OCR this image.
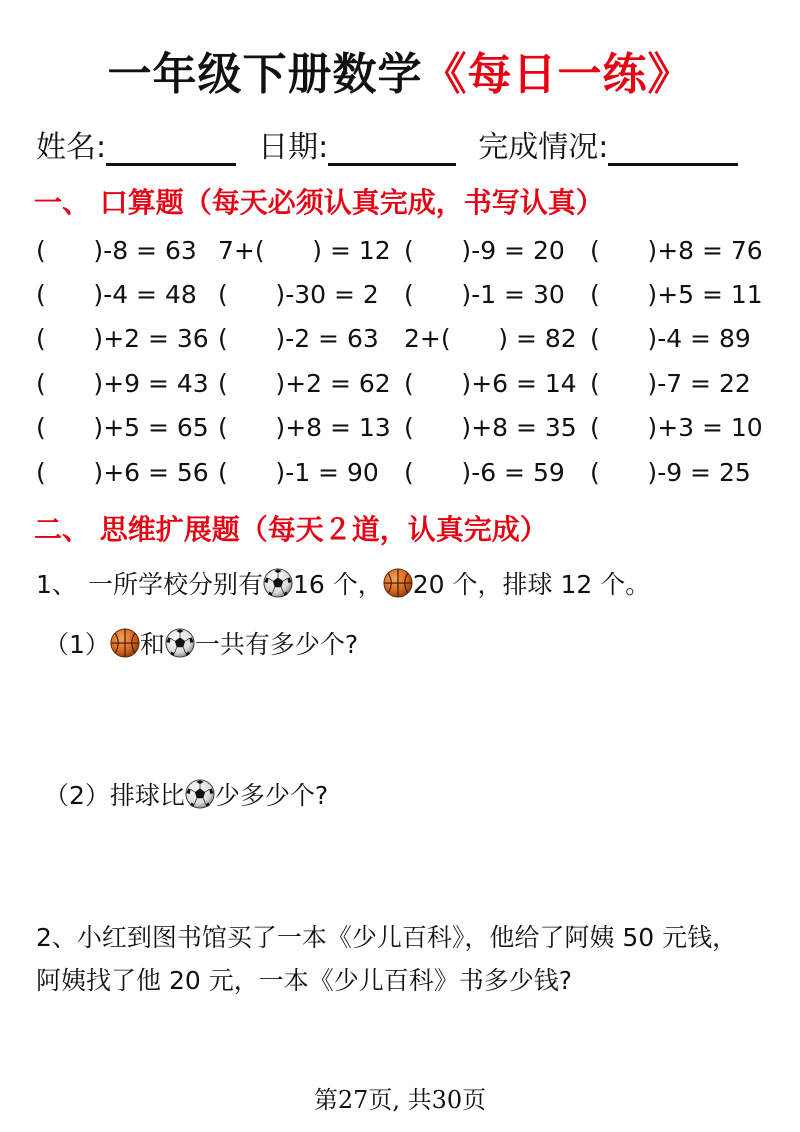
一年级下册数学《每日一练》
姓名:	日期:	完成情况:
一、 口算题（每天必须认真完成，书写认真）
(      )-8 = 63 7+(      ) = 12 (      )-9 = 20	(      )+8 = 76
(      )-4 = 48 (      )-30 = 2	(      )-1 = 30	(      )+5 = 11
(      )+2 = 36 (      )-2 = 63	2+(      ) = 82 (      )-4 = 89
(      )+9 = 43 (      )+2 = 62 (      )+6 = 14 (      )-7 = 22
(      )+5 = 65 (      )+8 = 13 (      )+8 = 35 (      )+3 = 10
(      )+6 = 56 (      )-1 = 90	(      )-6 = 59	(      )-9 = 25
二、 思维扩展题（每天２道，认真完成）
1、 一所学校分别有 16 个， 20 个，排球 12 个。
（1） 和 一共有多少个?
（2） 排球比 少多少个?
2、小红到图书馆买了一本《少儿百科》，他给了阿姨 50 元钱，
阿姨找了他 20 元，一本《少儿百科》书多少钱?
第27页, 共30页
